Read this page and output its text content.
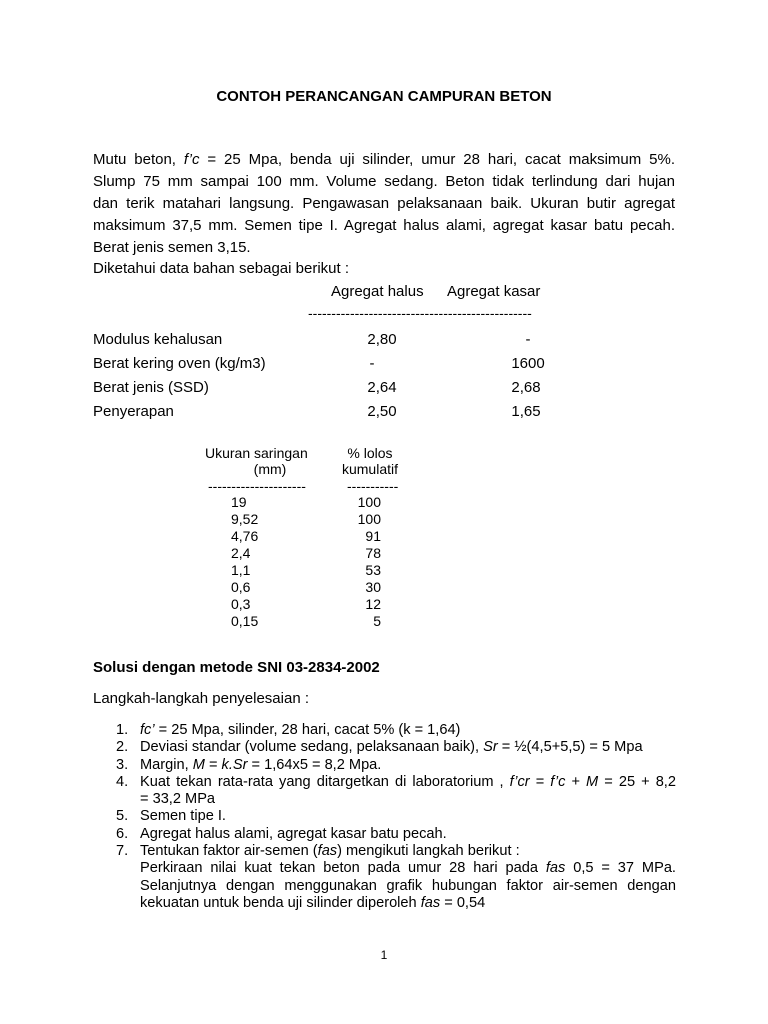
CONTOH PERANCANGAN CAMPURAN BETON
Mutu beton, f’c = 25 Mpa, benda uji silinder, umur 28 hari, cacat maksimum 5%.
Slump 75 mm sampai 100 mm. Volume sedang. Beton tidak terlindung dari hujan
dan terik matahari langsung. Pengawasan pelaksanaan baik. Ukuran butir agregat
maksimum 37,5 mm. Semen tipe I. Agregat halus alami, agregat kasar batu pecah.
Berat jenis semen 3,15.
Diketahui data bahan sebagai berikut :
Agregat halus Agregat kasar
------------------------------------------------
Modulus kehalusan	2,80	-
Berat kering oven (kg/m3)	-	1600
Berat jenis (SSD)	2,64	2,68
Penyerapan	2,50	1,65
Ukuran saringan
(mm)
% lolos
kumulatif
---------------------	-----------
19	100
9,52	100
4,76	91
2,4	78
1,1	53
0,6	30
0,3	12
0,15	5
Solusi dengan metode SNI 03-2834-2002
Langkah-langkah penyelesaian :
1. fc’ = 25 Mpa, silinder, 28 hari, cacat 5% (k = 1,64)
2. Deviasi standar (volume sedang, pelaksanaan baik), Sr = ½(4,5+5,5) = 5 Mpa
3. Margin, M = k.Sr = 1,64x5 = 8,2 Mpa.
4. Kuat tekan rata-rata yang ditargetkan di laboratorium , f’cr = f’c + M = 25 + 8,2
= 33,2 MPa
5. Semen tipe I.
6. Agregat halus alami, agregat kasar batu pecah.
7. Tentukan faktor air-semen (fas) mengikuti langkah berikut :
Perkiraan nilai kuat tekan beton pada umur 28 hari pada fas 0,5 = 37 MPa.
Selanjutnya dengan menggunakan grafik hubungan faktor air-semen dengan
kekuatan untuk benda uji silinder diperoleh fas = 0,54
1
